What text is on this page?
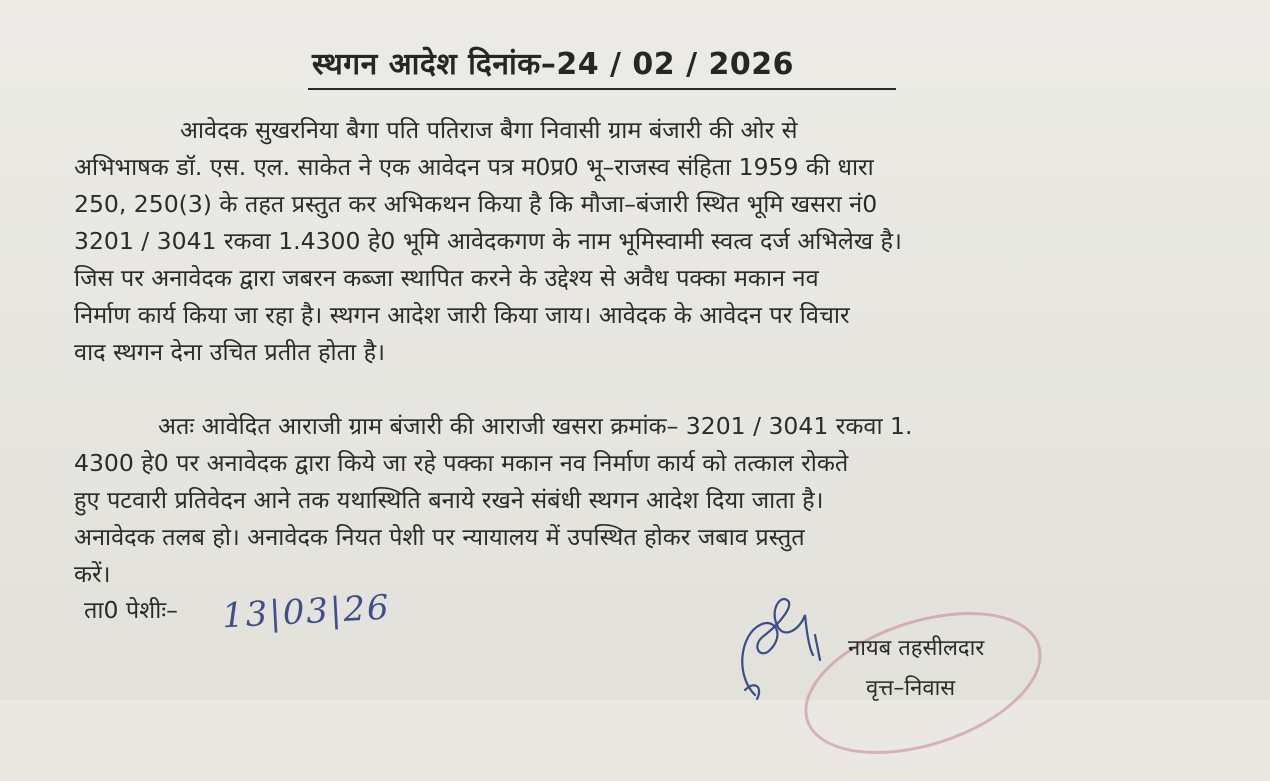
स्थगन आदेश दिनांक–24 / 02 / 2026
आवेदक सुखरनिया बैगा पति पतिराज बैगा निवासी ग्राम बंजारी की ओर से
अभिभाषक डॉ. एस. एल. साकेत ने एक आवेदन पत्र म0प्र0 भू–राजस्व संहिता 1959 की धारा
250, 250(3) के तहत प्रस्तुत कर अभिकथन किया है कि मौजा–बंजारी स्थित भूमि खसरा नं0
3201 / 3041 रकवा 1.4300 हे0 भूमि आवेदकगण के नाम भूमिस्वामी स्वत्व दर्ज अभिलेख है।
जिस पर अनावेदक द्वारा जबरन कब्जा स्थापित करने के उद्देश्य से अवैध पक्का मकान नव
निर्माण कार्य किया जा रहा है। स्थगन आदेश जारी किया जाय। आवेदक के आवेदन पर विचार
वाद स्थगन देना उचित प्रतीत होता है।
अतः आवेदित आराजी ग्राम बंजारी की आराजी खसरा क्रमांक– 3201 / 3041 रकवा 1.
4300 हे0 पर अनावेदक द्वारा किये जा रहे पक्का मकान नव निर्माण कार्य को तत्काल रोकते
हुए पटवारी प्रतिवेदन आने तक यथास्थिति बनाये रखने संबंधी स्थगन आदेश दिया जाता है।
अनावेदक तलब हो। अनावेदक नियत पेशी पर न्यायालय में उपस्थित होकर जबाव प्रस्तुत
करें।
ता0 पेशीः– 13|03|26
नायब तहसीलदार
वृत्त–निवास
